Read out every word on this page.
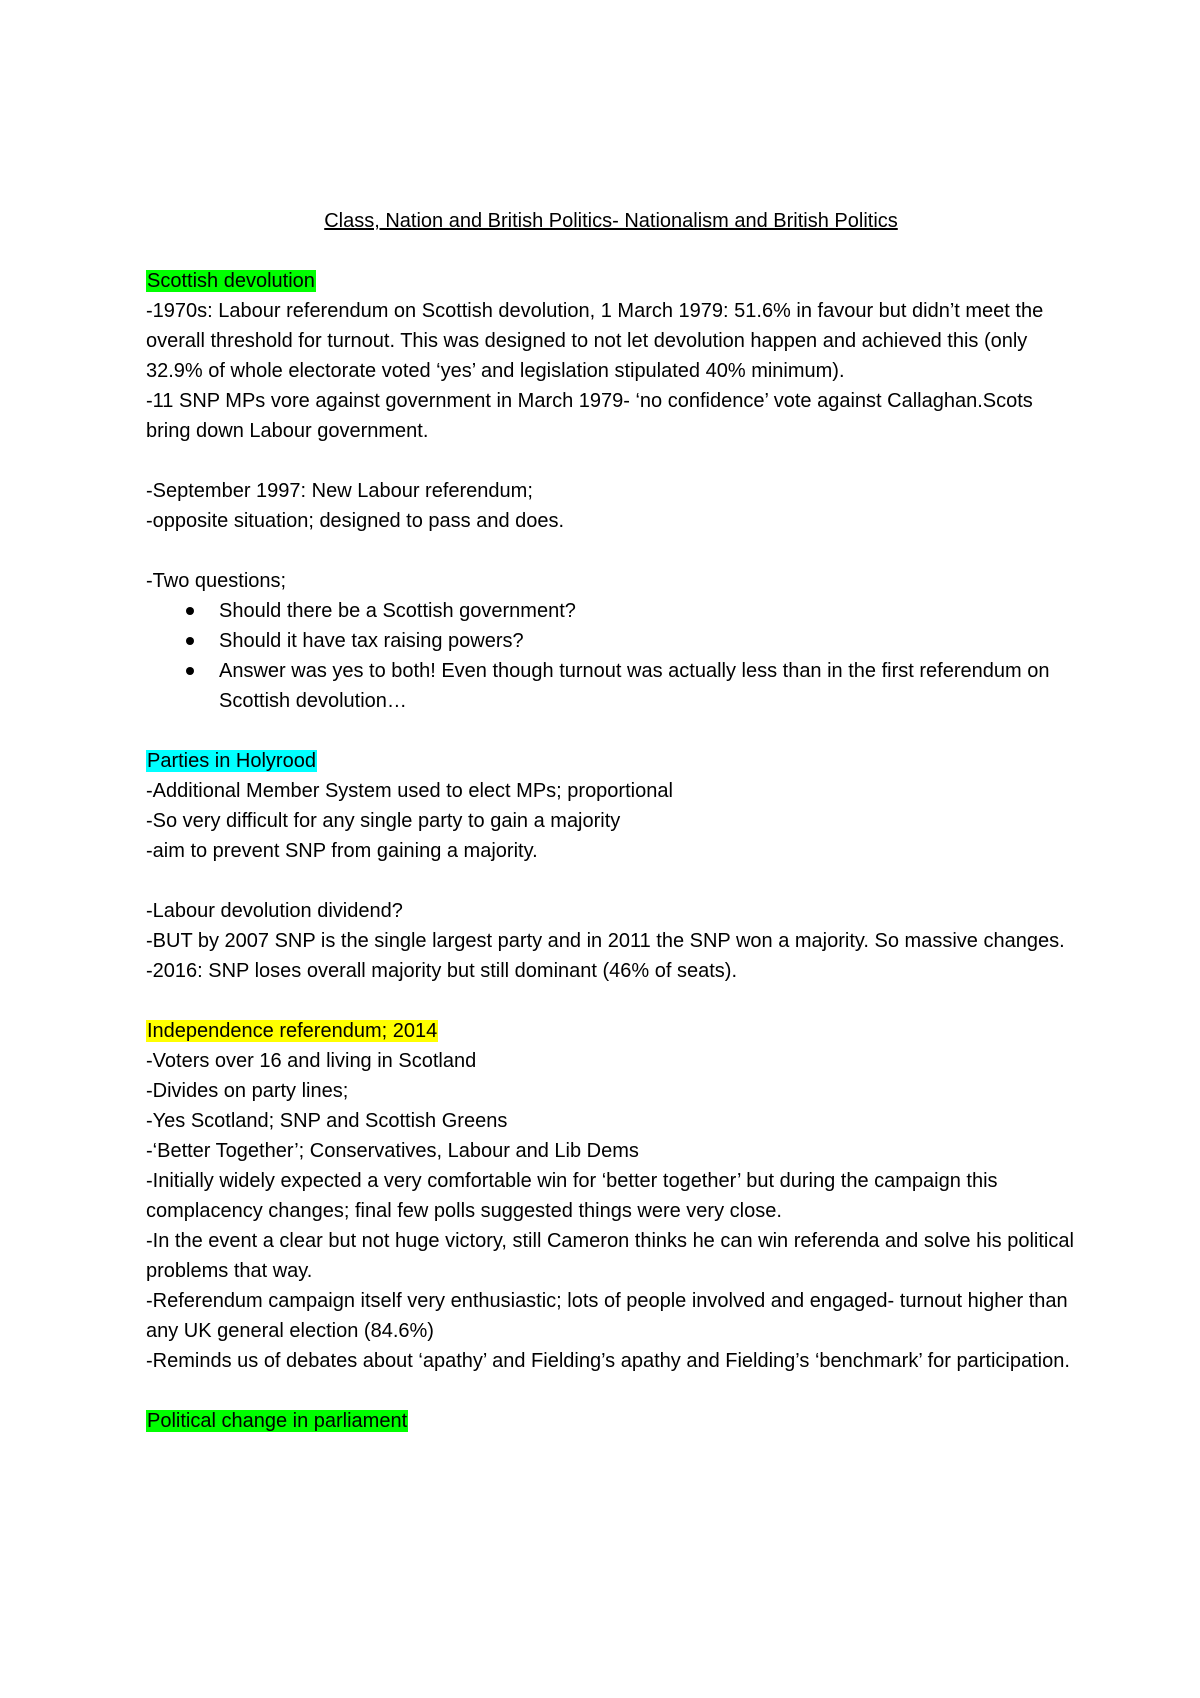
Class, Nation and British Politics- Nationalism and British Politics

Scottish devolution

-1970s: Labour referendum on Scottish devolution, 1 March 1979: 51.6% in favour but didn’t meet the overall threshold for turnout. This was designed to not let devolution happen and achieved this (only 32.9% of whole electorate voted ‘yes’ and legislation stipulated 40% minimum).

-11 SNP MPs vore against government in March 1979- ‘no confidence’ vote against Callaghan.Scots bring down Labour government.

-September 1997: New Labour referendum;

-opposite situation; designed to pass and does.

-Two questions;

Should there be a Scottish government?
Should it have tax raising powers?
Answer was yes to both! Even though turnout was actually less than in the first referendum on Scottish devolution…

Parties in Holyrood

-Additional Member System used to elect MPs; proportional

-So very difficult for any single party to gain a majority

-aim to prevent SNP from gaining a majority.

-Labour devolution dividend?

-BUT by 2007 SNP is the single largest party and in 2011 the SNP won a majority. So massive changes.

-2016: SNP loses overall majority but still dominant (46% of seats).

Independence referendum; 2014

-Voters over 16 and living in Scotland

-Divides on party lines;

-Yes Scotland; SNP and Scottish Greens

-‘Better Together’; Conservatives, Labour and Lib Dems

-Initially widely expected a very comfortable win for ‘better together’ but during the campaign this complacency changes; final few polls suggested things were very close.

-In the event a clear but not huge victory, still Cameron thinks he can win referenda and solve his political problems that way.

-Referendum campaign itself very enthusiastic; lots of people involved and engaged- turnout higher than any UK general election (84.6%)

-Reminds us of debates about ‘apathy’ and Fielding’s apathy and Fielding’s ‘benchmark’ for participation.

Political change in parliament
